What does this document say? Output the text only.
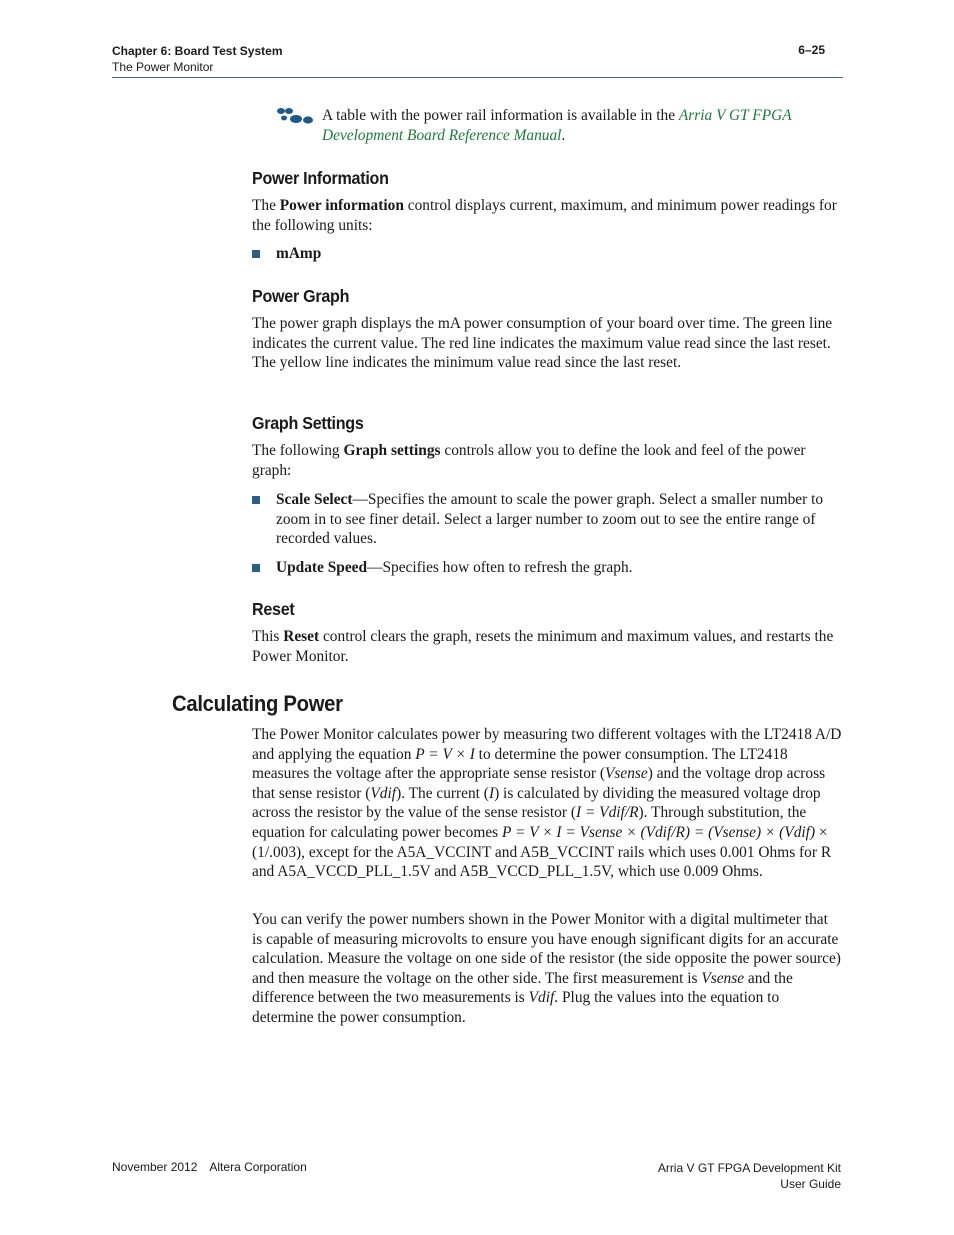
Chapter 6: Board Test System
The Power Monitor
6–25
A table with the power rail information is available in the Arria V GT FPGA Development Board Reference Manual.
Power Information
The Power information control displays current, maximum, and minimum power readings for the following units:
mAmp
Power Graph
The power graph displays the mA power consumption of your board over time. The green line indicates the current value. The red line indicates the maximum value read since the last reset. The yellow line indicates the minimum value read since the last reset.
Graph Settings
The following Graph settings controls allow you to define the look and feel of the power graph:
Scale Select—Specifies the amount to scale the power graph. Select a smaller number to zoom in to see finer detail. Select a larger number to zoom out to see the entire range of recorded values.
Update Speed—Specifies how often to refresh the graph.
Reset
This Reset control clears the graph, resets the minimum and maximum values, and restarts the Power Monitor.
Calculating Power
The Power Monitor calculates power by measuring two different voltages with the LT2418 A/D and applying the equation P = V × I to determine the power consumption. The LT2418 measures the voltage after the appropriate sense resistor (Vsense) and the voltage drop across that sense resistor (Vdif). The current (I) is calculated by dividing the measured voltage drop across the resistor by the value of the sense resistor (I = Vdif/R). Through substitution, the equation for calculating power becomes P = V × I = Vsense × (Vdif/R) = (Vsense) × (Vdif) × (1/.003), except for the A5A_VCCINT and A5B_VCCINT rails which uses 0.001 Ohms for R and A5A_VCCD_PLL_1.5V and A5B_VCCD_PLL_1.5V, which use 0.009 Ohms.
You can verify the power numbers shown in the Power Monitor with a digital multimeter that is capable of measuring microvolts to ensure you have enough significant digits for an accurate calculation. Measure the voltage on one side of the resistor (the side opposite the power source) and then measure the voltage on the other side. The first measurement is Vsense and the difference between the two measurements is Vdif. Plug the values into the equation to determine the power consumption.
November 2012 Altera Corporation	Arria V GT FPGA Development Kit
User Guide
